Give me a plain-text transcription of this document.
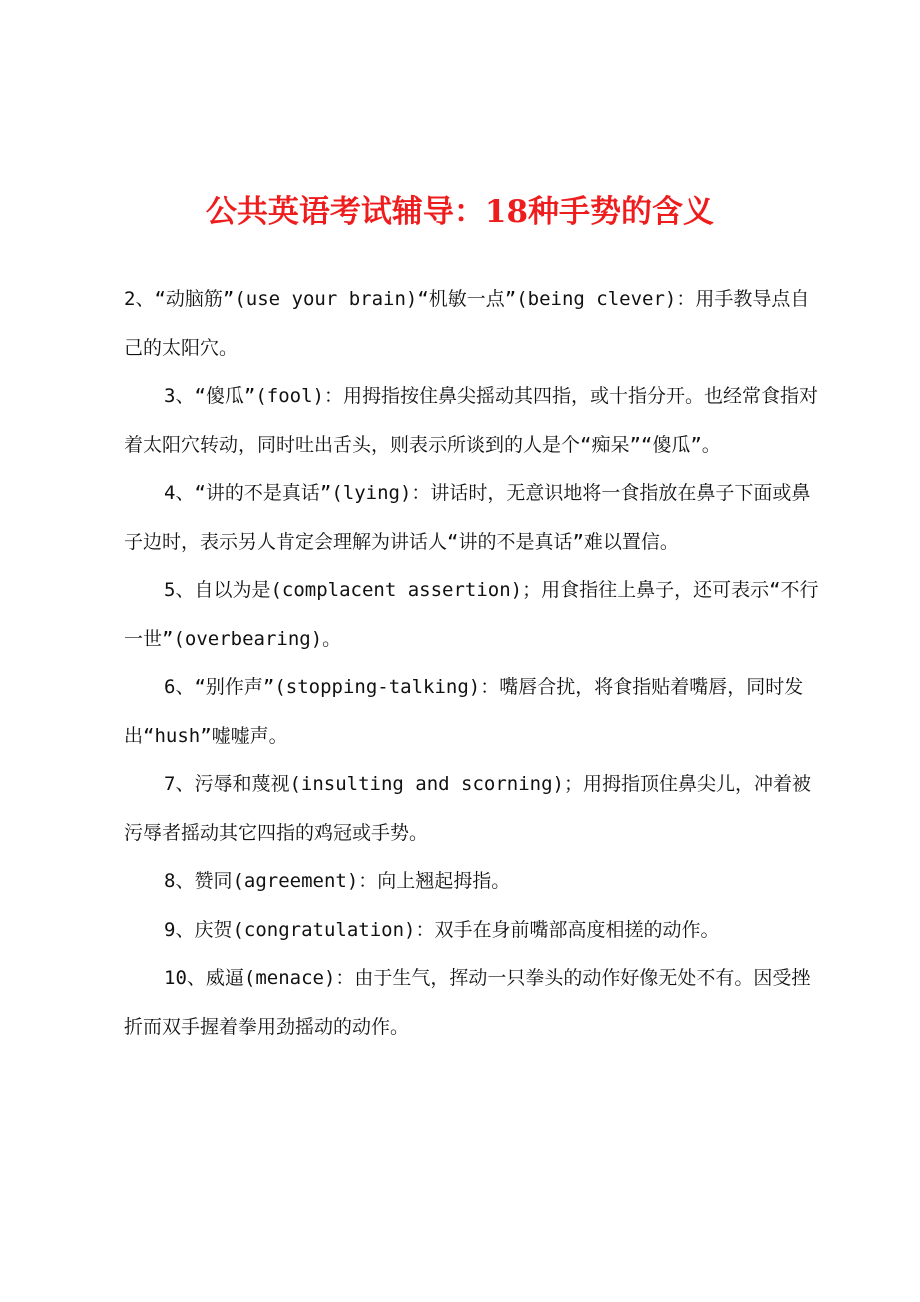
公共英语考试辅导：18种手势的含义

2、“动脑筋”(use your brain)“机敏一点”(being clever)：用手教导点自己的太阳穴。

3、“傻瓜”(fool)：用拇指按住鼻尖摇动其四指，或十指分开。也经常食指对着太阳穴转动，同时吐出舌头，则表示所谈到的人是个“痴呆”“傻瓜”。

4、“讲的不是真话”(lying)：讲话时，无意识地将一食指放在鼻子下面或鼻子边时，表示另人肯定会理解为讲话人“讲的不是真话”难以置信。

5、自以为是(complacent assertion)；用食指往上鼻子，还可表示“不行一世”(overbearing)。

6、“别作声”(stopping-talking)：嘴唇合扰，将食指贴着嘴唇，同时发出“hush”嘘嘘声。

7、污辱和蔑视(insulting and scorning)；用拇指顶住鼻尖儿，冲着被污辱者摇动其它四指的鸡冠或手势。

8、赞同(agreement)：向上翘起拇指。

9、庆贺(congratulation)：双手在身前嘴部高度相搓的动作。

10、威逼(menace)：由于生气，挥动一只拳头的动作好像无处不有。因受挫折而双手握着拳用劲摇动的动作。
